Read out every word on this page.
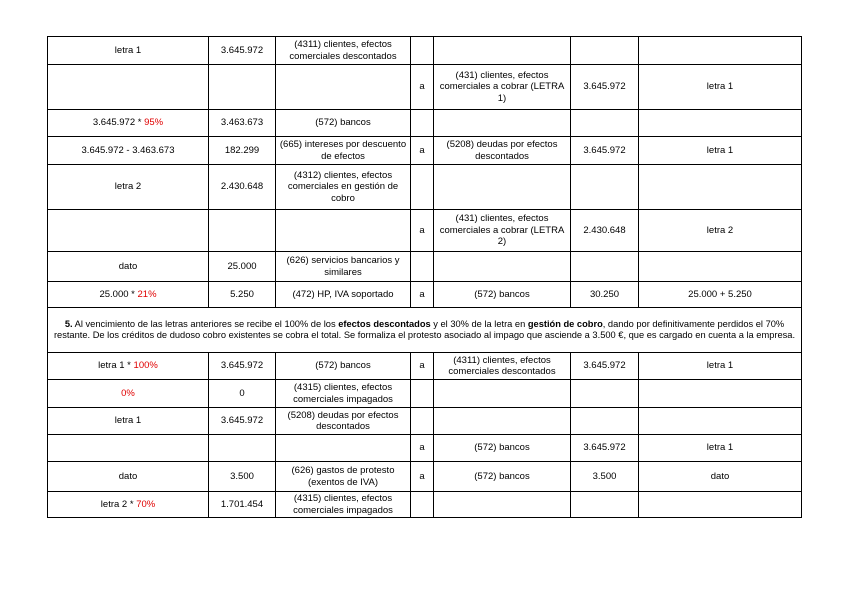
letra 1	3.645.972	(4311) clientes, efectos comerciales descontados				
			a	(431) clientes, efectos comerciales a cobrar (LETRA 1)	3.645.972	letra 1
3.645.972 * 95%	3.463.673	(572) bancos				
3.645.972 - 3.463.673	182.299	(665) intereses por descuento de efectos	a	(5208) deudas por efectos descontados	3.645.972	letra 1
letra 2	2.430.648	(4312) clientes, efectos comerciales en gestión de cobro				
			a	(431) clientes, efectos comerciales a cobrar (LETRA 2)	2.430.648	letra 2
dato	25.000	(626) servicios bancarios y similares				
25.000 * 21%	5.250	(472) HP, IVA soportado	a	(572) bancos	30.250	25.000 + 5.250
5. Al vencimiento de las letras anteriores se recibe el 100% de los efectos descontados y el 30% de la letra en gestión de cobro, dando por definitivamente perdidos el 70% restante. De los créditos de dudoso cobro existentes se cobra el total. Se formaliza el protesto asociado al impago que asciende a 3.500 €, que es cargado en cuenta a la empresa.						
letra 1 * 100%	3.645.972	(572) bancos	a	(4311) clientes, efectos comerciales descontados	3.645.972	letra 1
0%	0	(4315) clientes, efectos comerciales impagados				
letra 1	3.645.972	(5208) deudas por efectos descontados				
			a	(572) bancos	3.645.972	letra 1
dato	3.500	(626) gastos de protesto (exentos de IVA)	a	(572) bancos	3.500	dato
letra 2 * 70%	1.701.454	(4315) clientes, efectos comerciales impagados				
